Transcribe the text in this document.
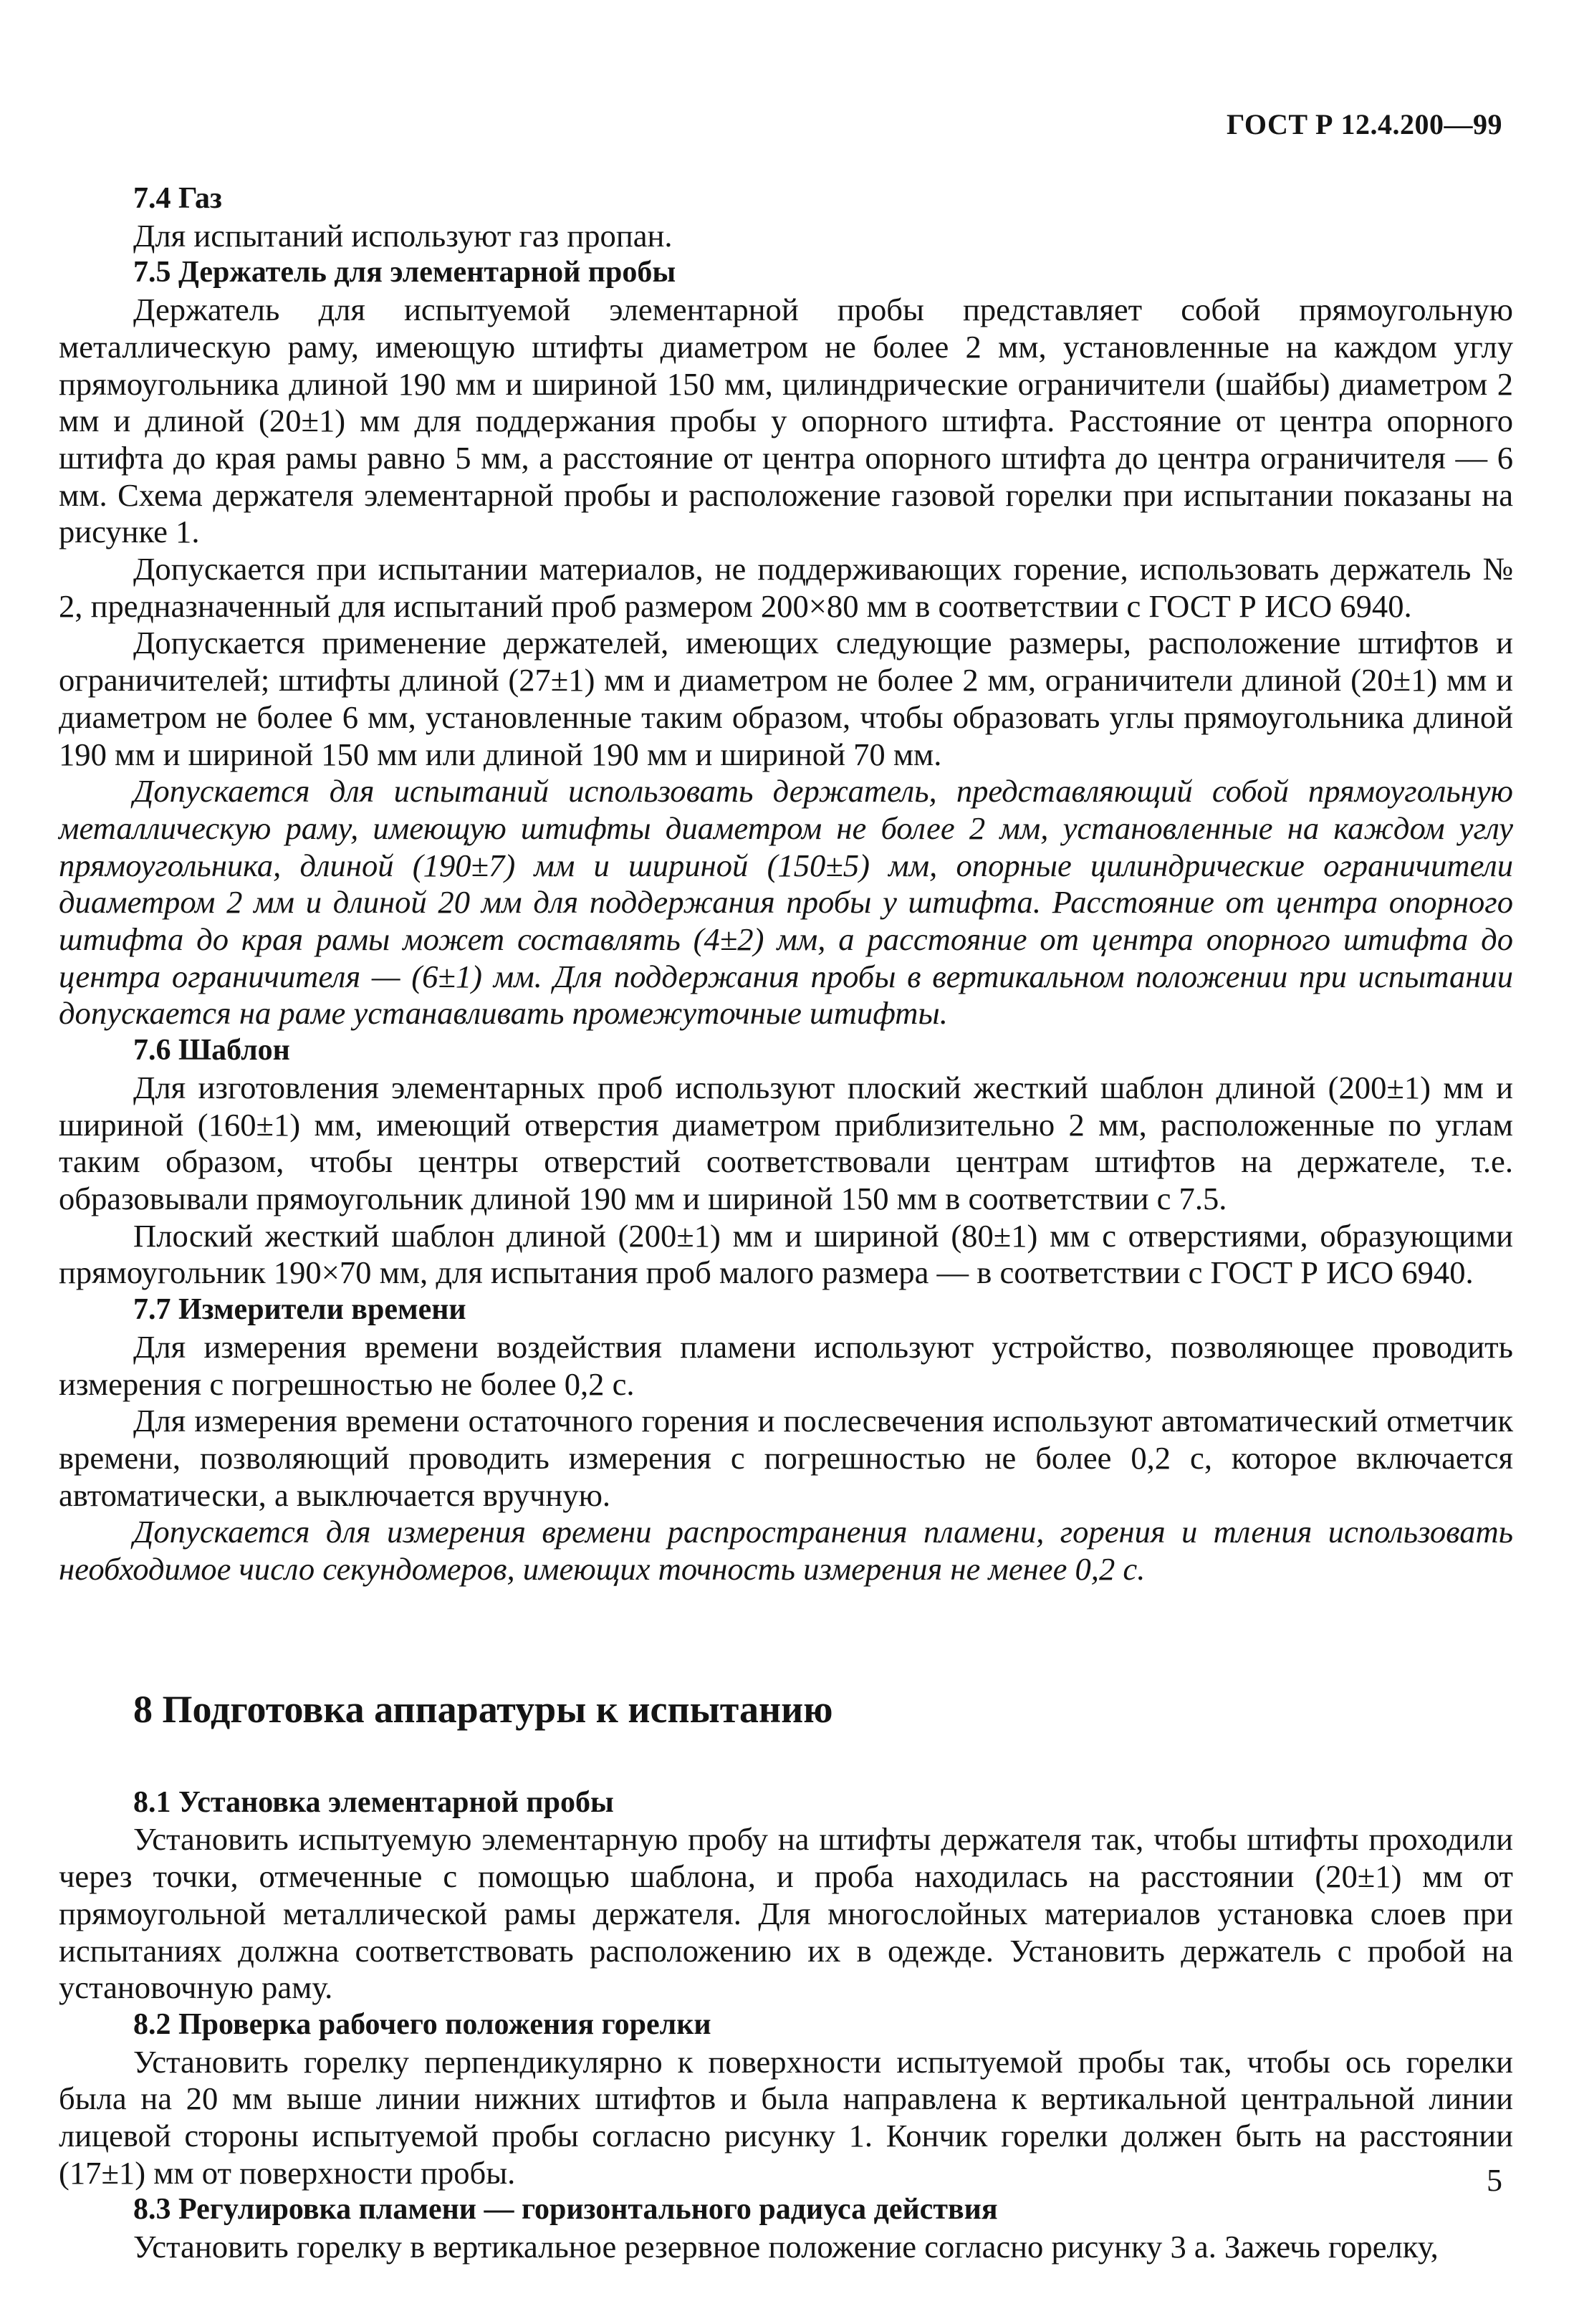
ГОСТ Р 12.4.200—99
7.4 Газ

Для испытаний используют газ пропан.

7.5 Держатель для элементарной пробы

Держатель для испытуемой элементарной пробы представляет собой прямоугольную металлическую раму, имеющую штифты диаметром не более 2 мм, установленные на каждом углу прямоугольника длиной 190 мм и шириной 150 мм, цилиндрические ограничители (шайбы) диаметром 2 мм и длиной (20±1) мм для поддержания пробы у опорного штифта. Расстояние от центра опорного штифта до края рамы равно 5 мм, а расстояние от центра опорного штифта до центра ограничителя — 6 мм. Схема держателя элементарной пробы и расположение газовой горелки при испытании показаны на рисунке 1.

Допускается при испытании материалов, не поддерживающих горение, использовать держатель № 2, предназначенный для испытаний проб размером 200×80 мм в соответствии с ГОСТ Р ИСО 6940.

Допускается применение держателей, имеющих следующие размеры, расположение штифтов и ограничителей; штифты длиной (27±1) мм и диаметром не более 2 мм, ограничители длиной (20±1) мм и диаметром не более 6 мм, установленные таким образом, чтобы образовать углы прямоугольника длиной 190 мм и шириной 150 мм или длиной 190 мм и шириной 70 мм.

Допускается для испытаний использовать держатель, представляющий собой прямоугольную металлическую раму, имеющую штифты диаметром не более 2 мм, установленные на каждом углу прямоугольника, длиной (190±7) мм и шириной (150±5) мм, опорные цилиндрические ограничители диаметром 2 мм и длиной 20 мм для поддержания пробы у штифта. Расстояние от центра опорного штифта до края рамы может составлять (4±2) мм, а расстояние от центра опорного штифта до центра ограничителя — (6±1) мм. Для поддержания пробы в вертикальном положении при испытании допускается на раме устанавливать промежуточные штифты.

7.6 Шаблон

Для изготовления элементарных проб используют плоский жесткий шаблон длиной (200±1) мм и шириной (160±1) мм, имеющий отверстия диаметром приблизительно 2 мм, расположенные по углам таким образом, чтобы центры отверстий соответствовали центрам штифтов на держателе, т.е. образовывали прямоугольник длиной 190 мм и шириной 150 мм в соответствии с 7.5.

Плоский жесткий шаблон длиной (200±1) мм и шириной (80±1) мм с отверстиями, образующими прямоугольник 190×70 мм, для испытания проб малого размера — в соответствии с ГОСТ Р ИСО 6940.

7.7 Измерители времени

Для измерения времени воздействия пламени используют устройство, позволяющее проводить измерения с погрешностью не более 0,2 с.

Для измерения времени остаточного горения и послесвечения используют автоматический отметчик времени, позволяющий проводить измерения с погрешностью не более 0,2 с, которое включается автоматически, а выключается вручную.

Допускается для измерения времени распространения пламени, горения и тления использовать необходимое число секундомеров, имеющих точность измерения не менее 0,2 с.

8 Подготовка аппаратуры к испытанию
8.1 Установка элементарной пробы

Установить испытуемую элементарную пробу на штифты держателя так, чтобы штифты проходили через точки, отмеченные с помощью шаблона, и проба находилась на расстоянии (20±1) мм от прямоугольной металлической рамы держателя. Для многослойных материалов установка слоев при испытаниях должна соответствовать расположению их в одежде. Установить держатель с пробой на установочную раму.

8.2 Проверка рабочего положения горелки

Установить горелку перпендикулярно к поверхности испытуемой пробы так, чтобы ось горелки была на 20 мм выше линии нижних штифтов и была направлена к вертикальной центральной линии лицевой стороны испытуемой пробы согласно рисунку 1. Кончик горелки должен быть на расстоянии (17±1) мм от поверхности пробы.

8.3 Регулировка пламени — горизонтального радиуса действия

Установить горелку в вертикальное резервное положение согласно рисунку 3 а. Зажечь горелку,

5
